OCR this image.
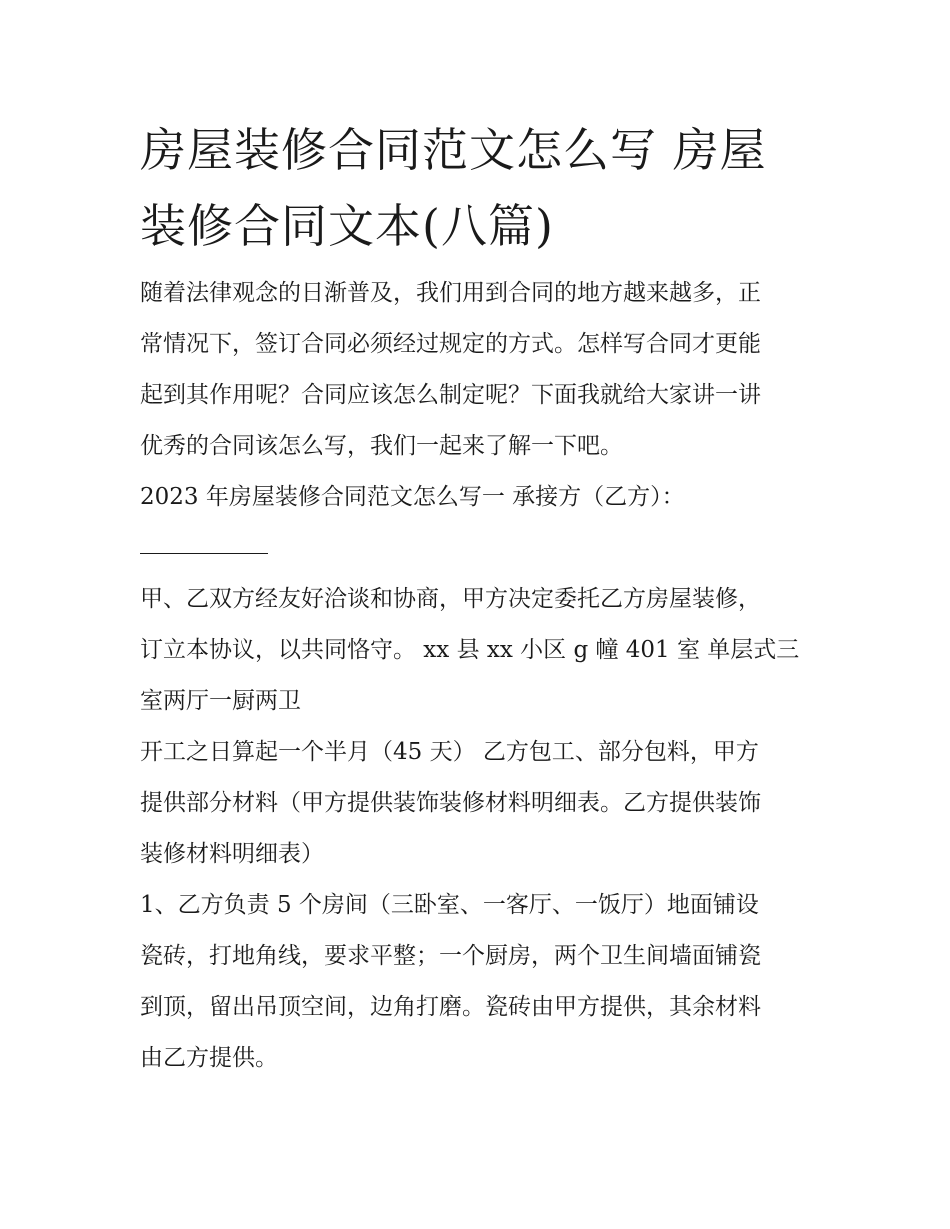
房屋装修合同范文怎么写 房屋
装修合同文本(八篇)

随着法律观念的日渐普及，我们用到合同的地方越来越多，正
常情况下，签订合同必须经过规定的方式。怎样写合同才更能
起到其作用呢？合同应该怎么制定呢？下面我就给大家讲一讲
优秀的合同该怎么写，我们一起来了解一下吧。

2023 年房屋装修合同范文怎么写一 承接方（乙方）：

甲、乙双方经友好洽谈和协商，甲方决定委托乙方房屋装修，
订立本协议，以共同恪守。 xx 县 xx 小区 g 幢 401 室 单层式三
室两厅一厨两卫

开工之日算起一个半月（45 天） 乙方包工、部分包料，甲方
提供部分材料（甲方提供装饰装修材料明细表。乙方提供装饰
装修材料明细表）

1、乙方负责 5 个房间（三卧室、一客厅、一饭厅）地面铺设
瓷砖，打地角线，要求平整；一个厨房，两个卫生间墙面铺瓷
到顶，留出吊顶空间，边角打磨。瓷砖由甲方提供，其余材料
由乙方提供。
